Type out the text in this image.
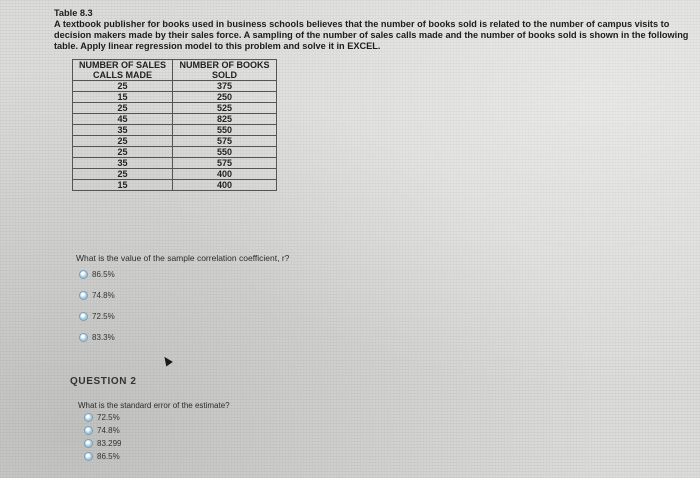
Table 8.3
A textbook publisher for books used in business schools believes that the number of books sold is related to the number of campus visits to decision makers made by their sales force. A sampling of the number of sales calls made and the number of books sold is shown in the following table. Apply linear regression model to this problem and solve it in EXCEL.
NUMBER OF SALES CALLS MADE	NUMBER OF BOOKS SOLD
25	375
15	250
25	525
45	825
35	550
25	575
25	550
35	575
25	400
15	400
What is the value of the sample correlation coefficient, r?
86.5%
74.8%
72.5%
83.3%
QUESTION 2
What is the standard error of the estimate?
72.5%
74.8%
83.299
86.5%
